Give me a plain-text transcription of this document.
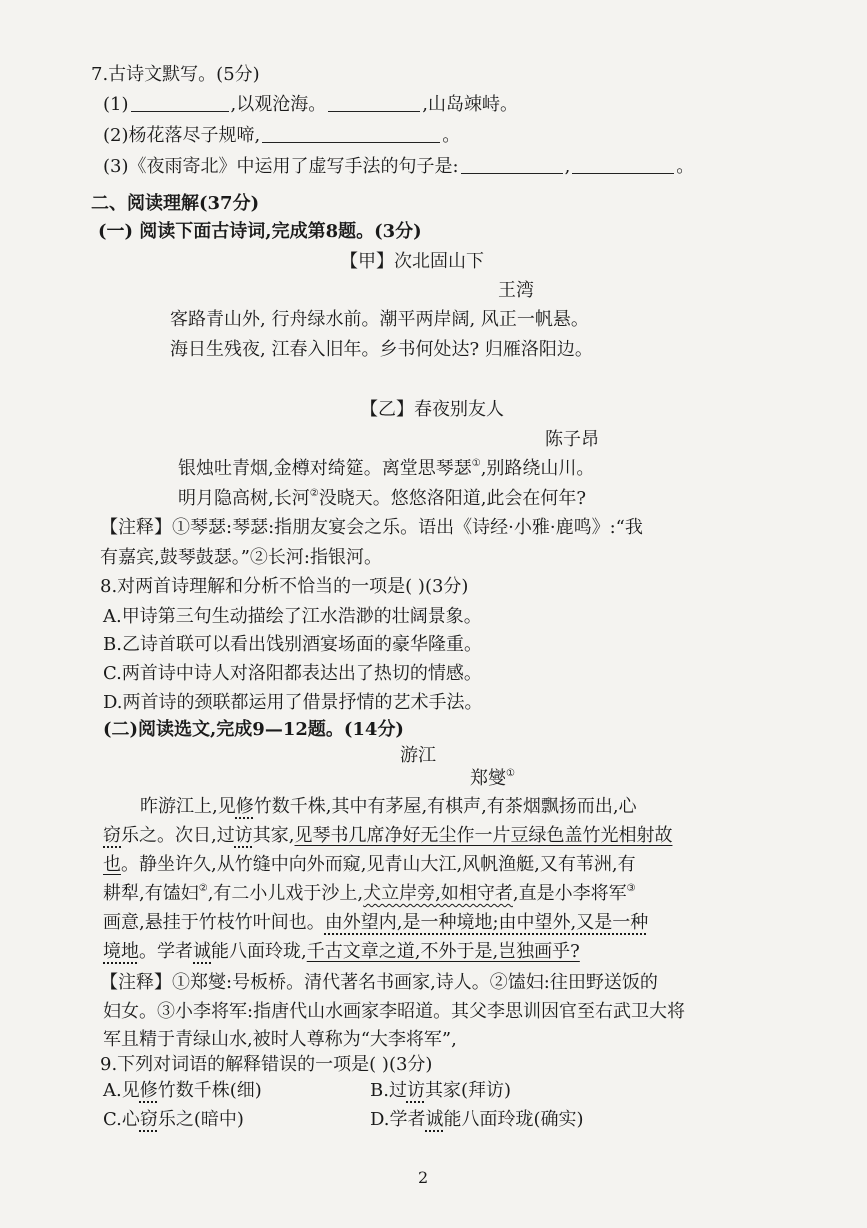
7.古诗文默写。(5分)
(1)	,以观沧海。	,山岛竦峙。
(2)杨花落尽子规啼,	。
(3)《夜雨寄北》中运用了虚写手法的句子是:	,	。
二、阅读理解(37分)
(一) 阅读下面古诗词,完成第8题。(3分)
【甲】次北固山下
王湾
客路青山外, 行舟绿水前。潮平两岸阔, 风正一帆悬。
海日生残夜, 江春入旧年。乡书何处达? 归雁洛阳边。
【乙】春夜别友人
陈子昂
银烛吐青烟,金樽对绮筵。离堂思琴瑟①,别路绕山川。
明月隐高树,长河②没晓天。悠悠洛阳道,此会在何年?
【注释】①琴瑟:琴瑟:指朋友宴会之乐。语出《诗经·小雅·鹿鸣》:“我
有嘉宾,鼓琴鼓瑟。”②长河:指银河。
8.对两首诗理解和分析不恰当的一项是( )(3分)
A.甲诗第三句生动描绘了江水浩渺的壮阔景象。
B.乙诗首联可以看出饯别酒宴场面的豪华隆重。
C.两首诗中诗人对洛阳都表达出了热切的情感。
D.两首诗的颈联都运用了借景抒情的艺术手法。
(二)阅读选文,完成9—12题。(14分)
游江
郑燮①
昨游江上,见修竹数千株,其中有茅屋,有棋声,有茶烟飘扬而出,心
窃乐之。次日,过访其家,见琴书几席净好无尘作一片豆绿色盖竹光相射故
也。静坐许久,从竹缝中向外而窥,见青山大江,风帆渔艇,又有苇洲,有
耕犁,有馌妇②,有二小儿戏于沙上,犬立岸旁,如相守者,直是小李将军③
画意,悬挂于竹枝竹叶间也。由外望内,是一种境地;由中望外,又是一种
境地。学者诚能八面玲珑,千古文章之道,不外于是,岂独画乎?
【注释】①郑燮:号板桥。清代著名书画家,诗人。②馌妇:往田野送饭的
妇女。③小李将军:指唐代山水画家李昭道。其父李思训因官至右武卫大将
军且精于青绿山水,被时人尊称为“大李将军”,
9.下列对词语的解释错误的一项是( )(3分)
A.见修竹数千株(细)	B.过访其家(拜访)
C.心窃乐之(暗中)	D.学者诚能八面玲珑(确实)
2
